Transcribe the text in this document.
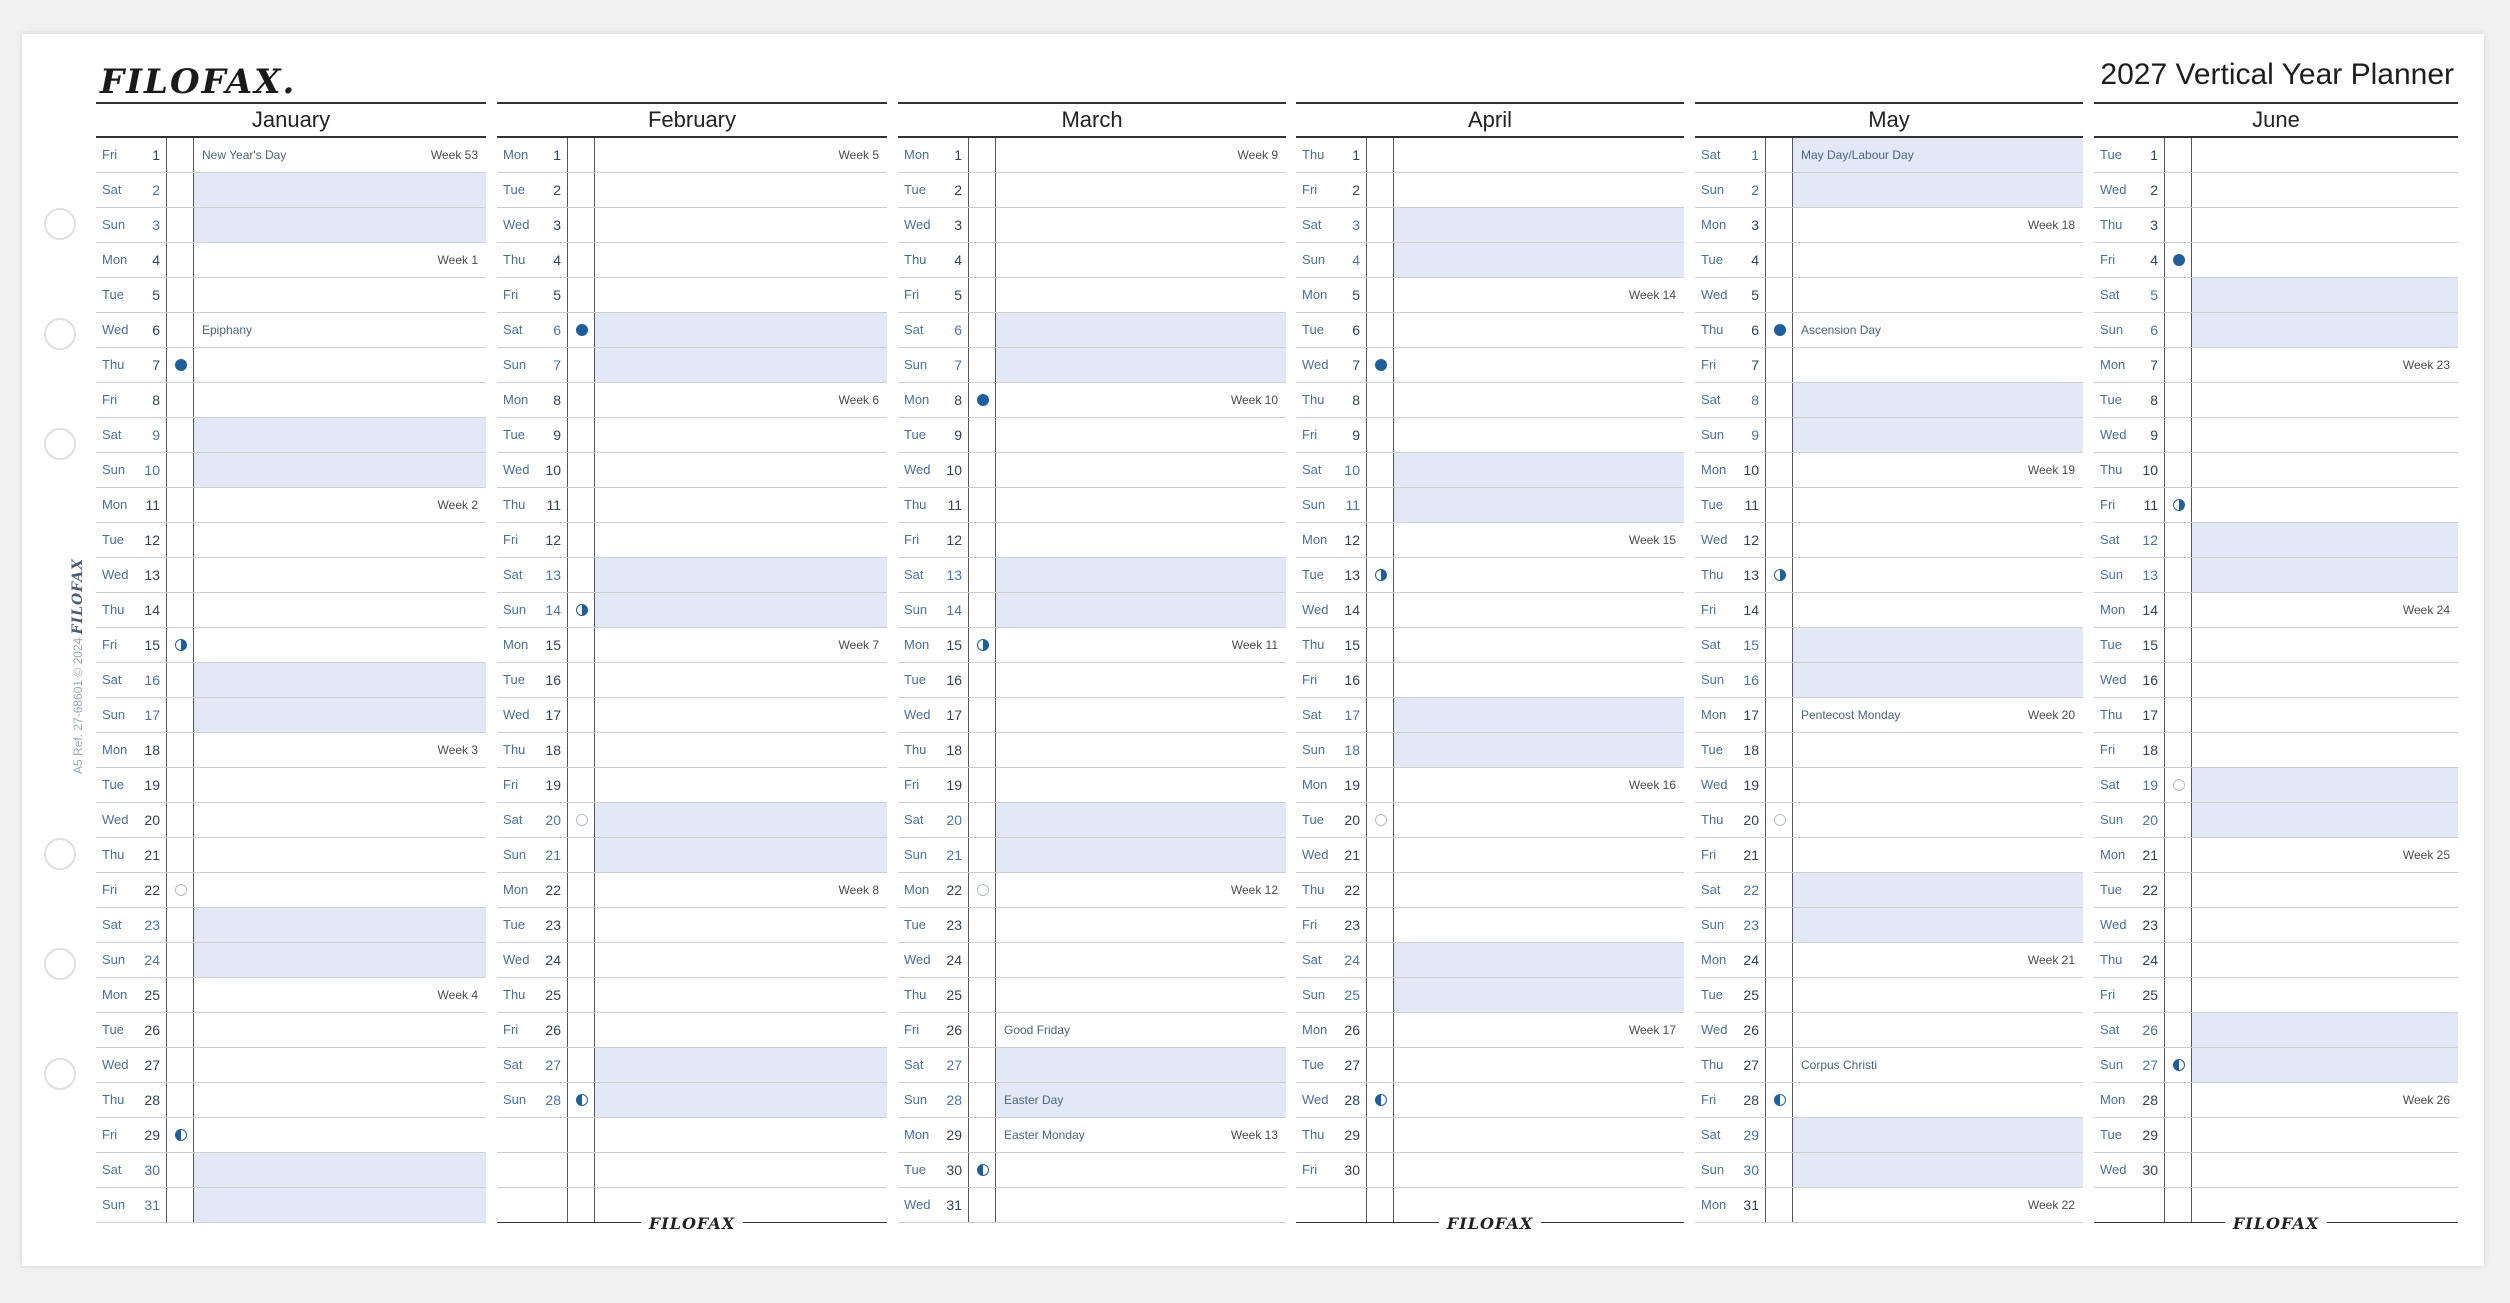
FILOFAX.	2027 Vertical Year Planner
A5 Ref. 27-68601 © 2024 FILOFAX
January
Fri	1	New Year's Day	Week 53
Sat	2
Sun	3
Mon	4	Week 1
Tue	5
Wed	6	Epiphany
Thu	7
Fri	8
Sat	9
Sun	10
Mon	11	Week 2
Tue	12
Wed	13
Thu	14
Fri	15
Sat	16
Sun	17
Mon	18	Week 3
Tue	19
Wed	20
Thu	21
Fri	22
Sat	23
Sun	24
Mon	25	Week 4
Tue	26
Wed	27
Thu	28
Fri	29
Sat	30
Sun	31
February
Mon	1	Week 5
Tue	2
Wed	3
Thu	4
Fri	5
Sat	6
Sun	7
Mon	8	Week 6
Tue	9
Wed	10
Thu	11
Fri	12
Sat	13
Sun	14
Mon	15	Week 7
Tue	16
Wed	17
Thu	18
Fri	19
Sat	20
Sun	21
Mon	22	Week 8
Tue	23
Wed	24
Thu	25
Fri	26
Sat	27
Sun	28
FILOFAX
March
Mon	1	Week 9
Tue	2
Wed	3
Thu	4
Fri	5
Sat	6
Sun	7
Mon	8	Week 10
Tue	9
Wed	10
Thu	11
Fri	12
Sat	13
Sun	14
Mon	15	Week 11
Tue	16
Wed	17
Thu	18
Fri	19
Sat	20
Sun	21
Mon	22	Week 12
Tue	23
Wed	24
Thu	25
Fri	26	Good Friday
Sat	27
Sun	28	Easter Day
Mon	29	Easter Monday	Week 13
Tue	30
Wed	31
April
Thu	1
Fri	2
Sat	3
Sun	4
Mon	5	Week 14
Tue	6
Wed	7
Thu	8
Fri	9
Sat	10
Sun	11
Mon	12	Week 15
Tue	13
Wed	14
Thu	15
Fri	16
Sat	17
Sun	18
Mon	19	Week 16
Tue	20
Wed	21
Thu	22
Fri	23
Sat	24
Sun	25
Mon	26	Week 17
Tue	27
Wed	28
Thu	29
Fri	30
FILOFAX
May
Sat	1	May Day/Labour Day
Sun	2
Mon	3	Week 18
Tue	4
Wed	5
Thu	6	Ascension Day
Fri	7
Sat	8
Sun	9
Mon	10	Week 19
Tue	11
Wed	12
Thu	13
Fri	14
Sat	15
Sun	16
Mon	17	Pentecost Monday	Week 20
Tue	18
Wed	19
Thu	20
Fri	21
Sat	22
Sun	23
Mon	24	Week 21
Tue	25
Wed	26
Thu	27	Corpus Christi
Fri	28
Sat	29
Sun	30
Mon	31	Week 22
June
Tue	1
Wed	2
Thu	3
Fri	4
Sat	5
Sun	6
Mon	7	Week 23
Tue	8
Wed	9
Thu	10
Fri	11
Sat	12
Sun	13
Mon	14	Week 24
Tue	15
Wed	16
Thu	17
Fri	18
Sat	19
Sun	20
Mon	21	Week 25
Tue	22
Wed	23
Thu	24
Fri	25
Sat	26
Sun	27
Mon	28	Week 26
Tue	29
Wed	30
FILOFAX
